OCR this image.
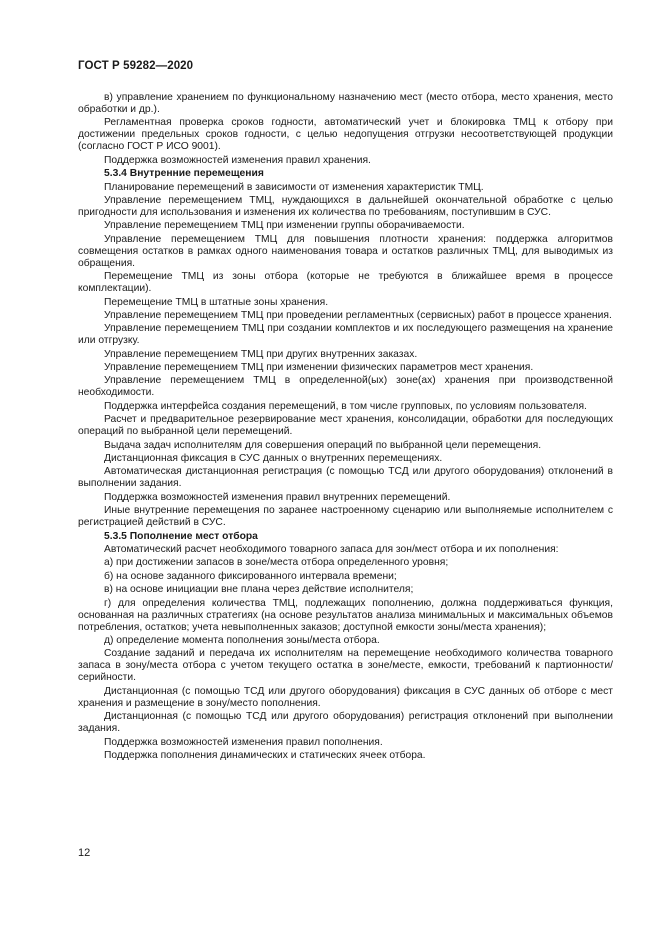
ГОСТ Р 59282—2020

в) управление хранением по функциональному назначению мест (место отбора, место хранения, место обработки и др.).

Регламентная проверка сроков годности, автоматический учет и блокировка ТМЦ к отбору при достижении предельных сроков годности, с целью недопущения отгрузки несоответствующей продукции (согласно ГОСТ Р ИСО 9001).

Поддержка возможностей изменения правил хранения.

5.3.4 Внутренние перемещения

Планирование перемещений в зависимости от изменения характеристик ТМЦ.

Управление перемещением ТМЦ, нуждающихся в дальнейшей окончательной обработке с целью пригодности для использования и изменения их количества по требованиям, поступившим в СУС.

Управление перемещением ТМЦ при изменении группы оборачиваемости.

Управление перемещением ТМЦ для повышения плотности хранения: поддержка алгоритмов совмещения остатков в рамках одного наименования товара и остатков различных ТМЦ, для выводимых из обращения.

Перемещение ТМЦ из зоны отбора (которые не требуются в ближайшее время в процессе комплектации).

Перемещение ТМЦ в штатные зоны хранения.

Управление перемещением ТМЦ при проведении регламентных (сервисных) работ в процессе хранения.

Управление перемещением ТМЦ при создании комплектов и их последующего размещения на хранение или отгрузку.

Управление перемещением ТМЦ при других внутренних заказах.

Управление перемещением ТМЦ при изменении физических параметров мест хранения.

Управление перемещением ТМЦ в определенной(ых) зоне(ах) хранения при производственной необходимости.

Поддержка интерфейса создания перемещений, в том числе групповых, по условиям пользователя.

Расчет и предварительное резервирование мест хранения, консолидации, обработки для последующих операций по выбранной цели перемещений.

Выдача задач исполнителям для совершения операций по выбранной цели перемещения.

Дистанционная фиксация в СУС данных о внутренних перемещениях.

Автоматическая дистанционная регистрация (с помощью ТСД или другого оборудования) отклонений в выполнении задания.

Поддержка возможностей изменения правил внутренних перемещений.

Иные внутренние перемещения по заранее настроенному сценарию или выполняемые исполнителем с регистрацией действий в СУС.

5.3.5 Пополнение мест отбора

Автоматический расчет необходимого товарного запаса для зон/мест отбора и их пополнения:

а) при достижении запасов в зоне/места отбора определенного уровня;

б) на основе заданного фиксированного интервала времени;

в) на основе инициации вне плана через действие исполнителя;

г) для определения количества ТМЦ, подлежащих пополнению, должна поддерживаться функция, основанная на различных стратегиях (на основе результатов анализа минимальных и максимальных объемов потребления, остатков; учета невыполненных заказов; доступной емкости зоны/места хранения);

д) определение момента пополнения зоны/места отбора.

Создание заданий и передача их исполнителям на перемещение необходимого количества товарного запаса в зону/места отбора с учетом текущего остатка в зоне/месте, емкости, требований к партионности/серийности.

Дистанционная (с помощью ТСД или другого оборудования) фиксация в СУС данных об отборе с мест хранения и размещение в зону/место пополнения.

Дистанционная (с помощью ТСД или другого оборудования) регистрация отклонений при выполнении задания.

Поддержка возможностей изменения правил пополнения.

Поддержка пополнения динамических и статических ячеек отбора.

12
